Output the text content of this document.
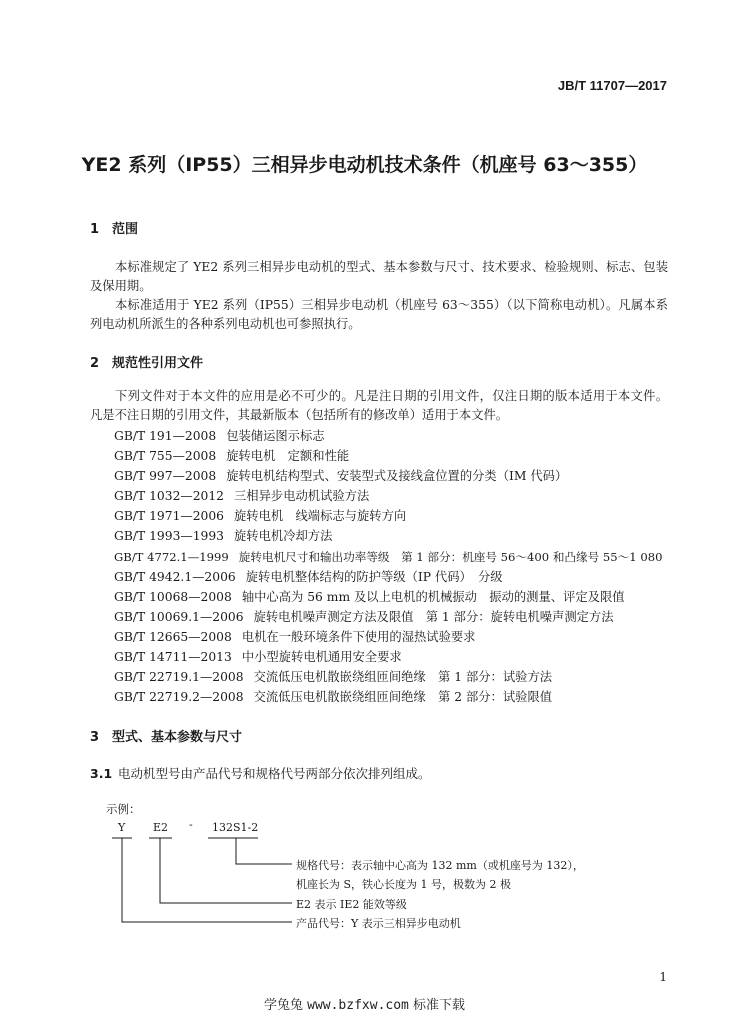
JB/T 11707—2017
YE2 系列（IP55）三相异步电动机技术条件（机座号 63～355）
1 范围
本标准规定了 YE2 系列三相异步电动机的型式、基本参数与尺寸、技术要求、检验规则、标志、包装及保用期。
本标准适用于 YE2 系列（IP55）三相异步电动机（机座号 63～355）（以下简称电动机）。凡属本系列电动机所派生的各种系列电动机也可参照执行。
2 规范性引用文件
下列文件对于本文件的应用是必不可少的。凡是注日期的引用文件，仅注日期的版本适用于本文件。凡是不注日期的引用文件，其最新版本（包括所有的修改单）适用于本文件。
GB/T 191—2008 包装储运图示标志
GB/T 755—2008 旋转电机　定额和性能
GB/T 997—2008 旋转电机结构型式、安装型式及接线盒位置的分类（IM 代码）
GB/T 1032—2012 三相异步电动机试验方法
GB/T 1971—2006 旋转电机　线端标志与旋转方向
GB/T 1993—1993 旋转电机冷却方法
GB/T 4772.1—1999 旋转电机尺寸和输出功率等级　第 1 部分：机座号 56～400 和凸缘号 55～1 080
GB/T 4942.1—2006 旋转电机整体结构的防护等级（IP 代码）　分级
GB/T 10068—2008 轴中心高为 56 mm 及以上电机的机械振动　振动的测量、评定及限值
GB/T 10069.1—2006 旋转电机噪声测定方法及限值　第 1 部分：旋转电机噪声测定方法
GB/T 12665—2008 电机在一般环境条件下使用的湿热试验要求
GB/T 14711—2013 中小型旋转电机通用安全要求
GB/T 22719.1—2008 交流低压电机散嵌绕组匝间绝缘　第 1 部分：试验方法
GB/T 22719.2—2008 交流低压电机散嵌绕组匝间绝缘　第 2 部分：试验限值
3 型式、基本参数与尺寸
3.1 电动机型号由产品代号和规格代号两部分依次排列组成。
示例：
Y	E2 - 132S1-2
规格代号：表示轴中心高为 132 mm（或机座号为 132），
机座长为 S，铁心长度为 1 号，极数为 2 极
E2 表示 IE2 能效等级
产品代号：Y 表示三相异步电动机
1
学兔兔 www.bzfxw.com 标准下载
